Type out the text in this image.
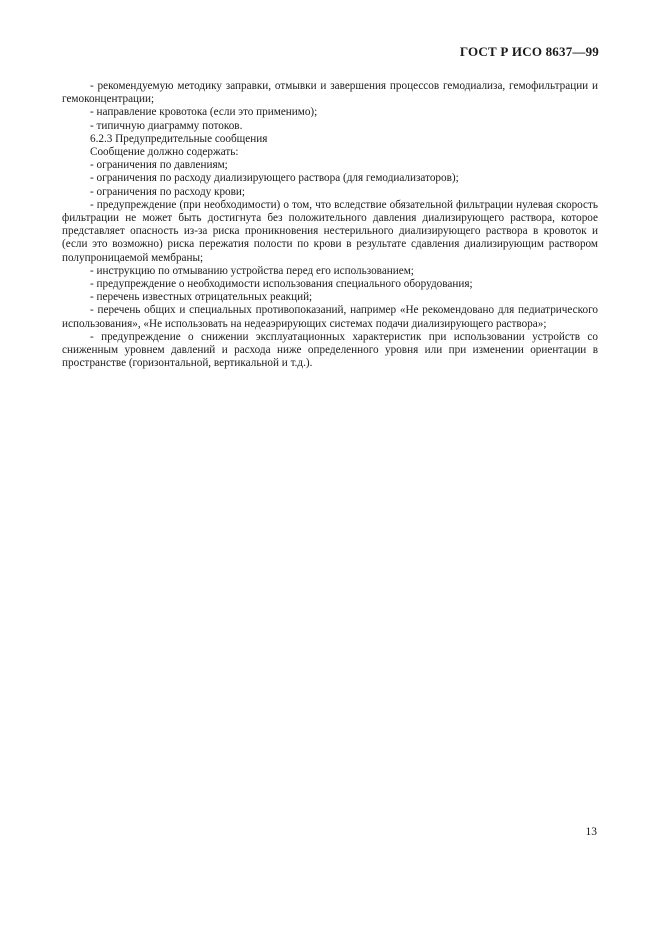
ГОСТ Р ИСО 8637—99

- рекомендуемую методику заправки, отмывки и завершения процессов гемодиализа, гемофильтрации и гемоконцентрации;

- направление кровотока (если это применимо);

- типичную диаграмму потоков.

6.2.3 Предупредительные сообщения

Сообщение должно содержать:

- ограничения по давлениям;

- ограничения по расходу диализирующего раствора (для гемодиализаторов);

- ограничения по расходу крови;

- предупреждение (при необходимости) о том, что вследствие обязательной фильтрации нулевая скорость фильтрации не может быть достигнута без положительного давления диализирующего раствора, которое представляет опасность из-за риска проникновения нестерильного диализирующего раствора в кровоток и (если это возможно) риска пережатия полости по крови в результате сдавления диализирующим раствором полупроницаемой мембраны;

- инструкцию по отмыванию устройства перед его использованием;

- предупреждение о необходимости использования специального оборудования;

- перечень известных отрицательных реакций;

- перечень общих и специальных противопоказаний, например «Не рекомендовано для педиатрического использования», «Не использовать на недеаэрирующих системах подачи диализирующего раствора»;

- предупреждение о снижении эксплуатационных характеристик при использовании устройств со сниженным уровнем давлений и расхода ниже определенного уровня или при изменении ориентации в пространстве (горизонтальной, вертикальной и т.д.).

13
